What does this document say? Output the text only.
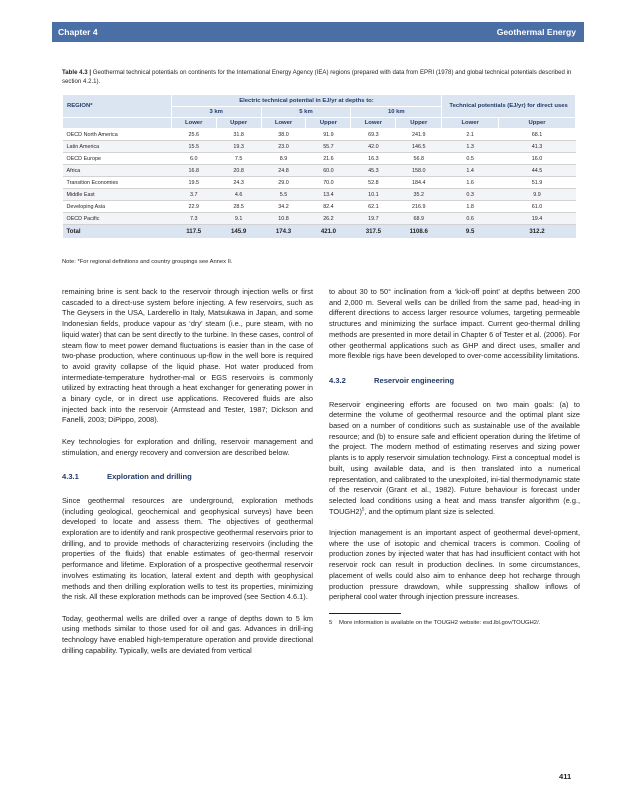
Chapter 4	Geothermal Energy
Table 4.3 | Geothermal technical potentials on continents for the International Energy Agency (IEA) regions (prepared with data from EPRI (1978) and global technical potentials described in section 4.2.1).
REGION*	Electric technical potential in EJ/yr at depths to:						Technical potentials (EJ/yr) for direct uses	
	3 km		5 km		10 km			
	Lower	Upper	Lower	Upper	Lower	Upper	Lower	Upper
OECD North America	25.6	31.8	38.0	91.9	69.3	241.9	2.1	68.1
Latin America	15.5	19.3	23.0	55.7	42.0	146.5	1.3	41.3
OECD Europe	6.0	7.5	8.9	21.6	16.3	56.8	0.5	16.0
Africa	16.8	20.8	24.8	60.0	45.3	158.0	1.4	44.5
Transition Economies	19.5	24.3	29.0	70.0	52.8	184.4	1.6	51.9
Middle East	3.7	4.6	5.5	13.4	10.1	35.2	0.3	9.9
Developing Asia	22.9	28.5	34.2	82.4	62.1	216.9	1.8	61.0
OECD Pacific	7.3	9.1	10.8	26.2	19.7	68.9	0.6	19.4
Total	117.5	145.9	174.3	421.0	317.5	1108.6	9.5	312.2
Note: *For regional definitions and country groupings see Annex II.

remaining brine is sent back to the reservoir through injection wells or first cascaded to a direct-use system before injecting. A few reservoirs, such as The Geysers in the USA, Larderello in Italy, Matsukawa in Japan, and some Indonesian fields, produce vapour as ‘dry’ steam (i.e., pure steam, with no liquid water) that can be sent directly to the turbine. In these cases, control of steam flow to meet power demand fluctuations is easier than in the case of two-phase production, where continuous up-flow in the well bore is required to avoid gravity collapse of the liquid phase. Hot water produced from intermediate-temperature hydrother-mal or EGS reservoirs is commonly utilized by extracting heat through a heat exchanger for generating power in a binary cycle, or in direct use applications. Recovered fluids are also injected back into the reservoir (Armstead and Tester, 1987; Dickson and Fanelli, 2003; DiPippo, 2008).

Key technologies for exploration and drilling, reservoir management and stimulation, and energy recovery and conversion are described below.

4.3.1	Exploration and drilling

Since geothermal resources are underground, exploration methods (including geological, geochemical and geophysical surveys) have been developed to locate and assess them. The objectives of geothermal exploration are to identify and rank prospective geothermal reservoirs prior to drilling, and to provide methods of characterizing reservoirs (including the properties of the fluids) that enable estimates of geo-thermal reservoir performance and lifetime. Exploration of a prospective geothermal reservoir involves estimating its location, lateral extent and depth with geophysical methods and then drilling exploration wells to test its properties, minimizing the risk. All these exploration methods can be improved (see Section 4.6.1).

Today, geothermal wells are drilled over a range of depths down to 5 km using methods similar to those used for oil and gas. Advances in drill-ing technology have enabled high-temperature operation and provide directional drilling capability. Typically, wells are deviated from vertical

to about 30 to 50° inclination from a ‘kick-off point’ at depths between 200 and 2,000 m. Several wells can be drilled from the same pad, head-ing in different directions to access larger resource volumes, targeting permeable structures and minimizing the surface impact. Current geo-thermal drilling methods are presented in more detail in Chapter 6 of Tester et al. (2006). For other geothermal applications such as GHP and direct uses, smaller and more flexible rigs have been developed to over-come accessibility limitations.

4.3.2	Reservoir engineering

Reservoir engineering efforts are focused on two main goals: (a) to determine the volume of geothermal resource and the optimal plant size based on a number of conditions such as sustainable use of the available resource; and (b) to ensure safe and efficient operation during the lifetime of the project. The modern method of estimating reserves and sizing power plants is to apply reservoir simulation technology. First a conceptual model is built, using available data, and is then translated into a numerical representation, and calibrated to the unexploited, ini-tial thermodynamic state of the reservoir (Grant et al., 1982). Future behaviour is forecast under selected load conditions using a heat and mass transfer algorithm (e.g., TOUGH2)$^5$, and the optimum plant size is selected.

Injection management is an important aspect of geothermal devel-opment, where the use of isotopic and chemical tracers is common. Cooling of production zones by injected water that has had insufficient contact with hot reservoir rock can result in production declines. In some circumstances, placement of wells could also aim to enhance deep hot recharge through production pressure drawdown, while suppressing shallow inflows of peripheral cool water through injection pressure increases.

5 More information is available on the TOUGH2 website: esd.lbl.gov/TOUGH2/.
411
